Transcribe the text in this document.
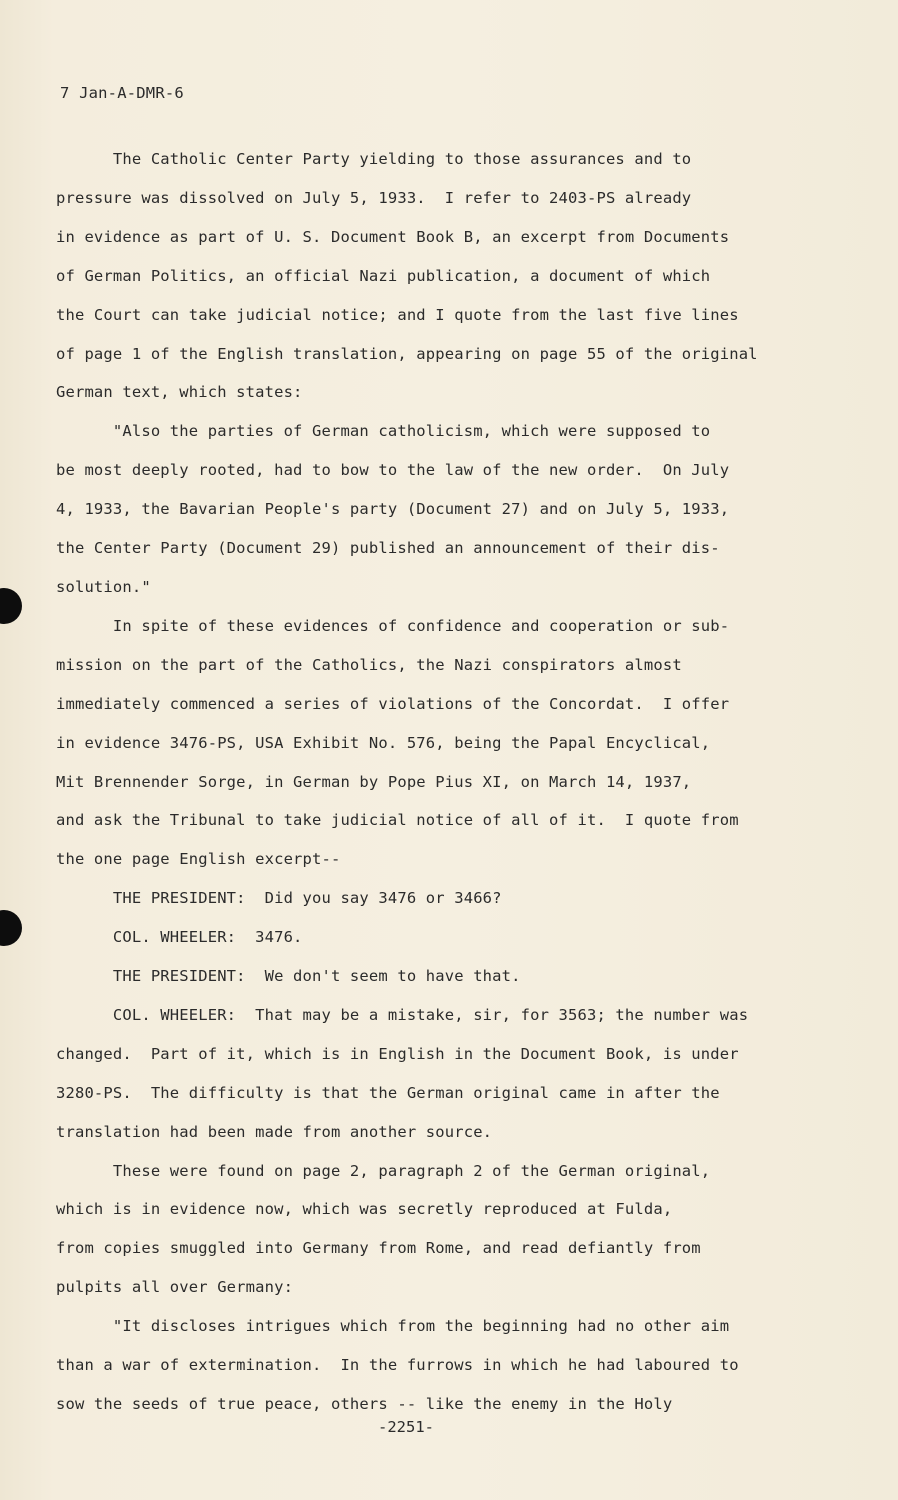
7 Jan-A-DMR-6

The Catholic Center Party yielding to those assurances and to

pressure was dissolved on July 5, 1933.  I refer to 2403-PS already

in evidence as part of U. S. Document Book B, an excerpt from Documents

of German Politics, an official Nazi publication, a document of which

the Court can take judicial notice; and I quote from the last five lines

of page 1 of the English translation, appearing on page 55 of the original

German text, which states:

"Also the parties of German catholicism, which were supposed to

be most deeply rooted, had to bow to the law of the new order.  On July

4, 1933, the Bavarian People's party (Document 27) and on July 5, 1933,

the Center Party (Document 29) published an announcement of their dis-

solution."

In spite of these evidences of confidence and cooperation or sub-

mission on the part of the Catholics, the Nazi conspirators almost

immediately commenced a series of violations of the Concordat.  I offer

in evidence 3476-PS, USA Exhibit No. 576, being the Papal Encyclical,

Mit Brennender Sorge, in German by Pope Pius XI, on March 14, 1937,

and ask the Tribunal to take judicial notice of all of it.  I quote from

the one page English excerpt--

THE PRESIDENT:  Did you say 3476 or 3466?

COL. WHEELER:  3476.

THE PRESIDENT:  We don't seem to have that.

COL. WHEELER:  That may be a mistake, sir, for 3563; the number was

changed.  Part of it, which is in English in the Document Book, is under

3280-PS.  The difficulty is that the German original came in after the

translation had been made from another source.

These were found on page 2, paragraph 2 of the German original,

which is in evidence now, which was secretly reproduced at Fulda,

from copies smuggled into Germany from Rome, and read defiantly from

pulpits all over Germany:

"It discloses intrigues which from the beginning had no other aim

than a war of extermination.  In the furrows in which he had laboured to

sow the seeds of true peace, others -- like the enemy in the Holy

-2251-
